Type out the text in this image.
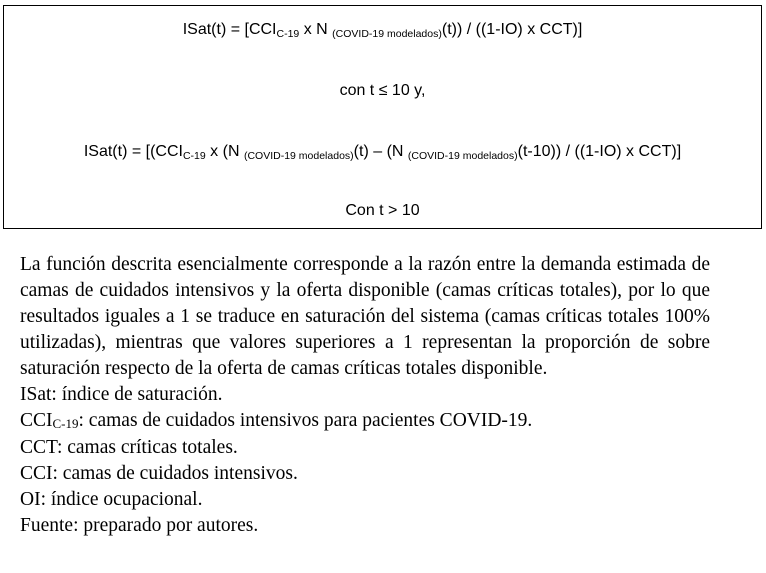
ISat(t) = [CCIC-19 x N (COVID-19 modelados)(t)) / ((1-IO) x CCT)]
con t ≤ 10 y,
ISat(t) = [(CCIC-19 x (N (COVID-19 modelados)(t) – (N (COVID-19 modelados)(t-10)) / ((1-IO) x CCT)]
Con t > 10

La función descrita esencialmente corresponde a la razón entre la demanda estimada de camas de cuidados intensivos y la oferta disponible (camas críticas totales), por lo que resultados iguales a 1 se traduce en saturación del sistema (camas críticas totales 100% utilizadas), mientras que valores superiores a 1 representan la proporción de sobre saturación respecto de la oferta de camas críticas totales disponible.

ISat: índice de saturación.

CCIC-19: camas de cuidados intensivos para pacientes COVID-19.

CCT: camas críticas totales.

CCI: camas de cuidados intensivos.

OI: índice ocupacional.

Fuente: preparado por autores.
